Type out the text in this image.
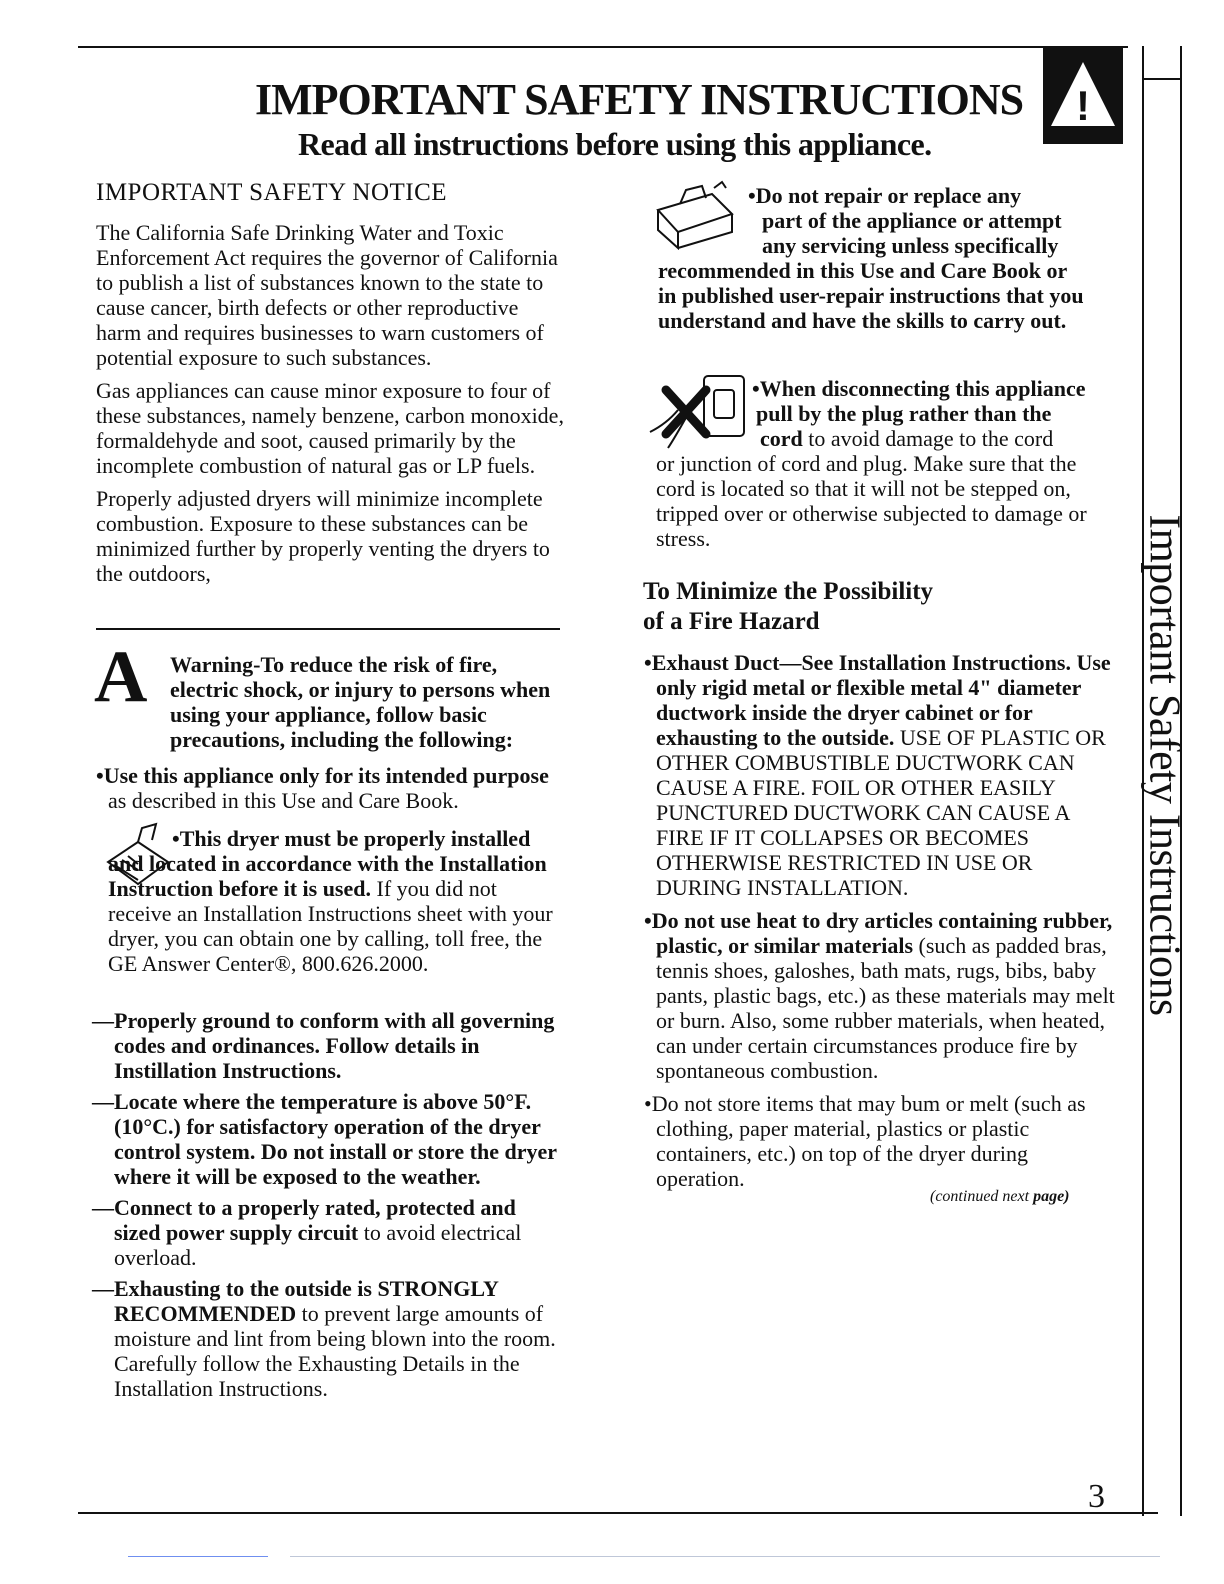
IMPORTANT SAFETY INSTRUCTIONS
Read all instructions before using this appliance.
!
Important Safety Instructions
IMPORTANT SAFETY NOTICE

The California Safe Drinking Water and Toxic Enforcement Act requires the governor of California to publish a list of substances known to the state to cause cancer, birth defects or other reproductive harm and requires businesses to warn customers of potential exposure to such substances.

Gas appliances can cause minor exposure to four of these substances, namely benzene, carbon monoxide, formaldehyde and soot, caused primarily by the incomplete combustion of natural gas or LP fuels.

Properly adjusted dryers will minimize incomplete combustion. Exposure to these substances can be minimized further by properly venting the dryers to the outdoors,

A Warning-To reduce the risk of fire, electric shock, or injury to persons when using your appliance, follow basic precautions, including the following:

•Use this appliance only for its intended purpose as described in this Use and Care Book.

•This dryer must be properly installed and located in accordance with the Installation Instruction before it is used. If you did not receive an Installation Instructions sheet with your dryer, you can obtain one by calling, toll free, the GE Answer Center®, 800.626.2000.

—Properly ground to conform with all governing codes and ordinances. Follow details in Instillation Instructions.

—Locate where the temperature is above 50°F. (10°C.) for satisfactory operation of the dryer control system. Do not install or store the dryer where it will be exposed to the weather.

—Connect to a properly rated, protected and sized power supply circuit to avoid electrical overload.

—Exhausting to the outside is STRONGLY RECOMMENDED to prevent large amounts of moisture and lint from being blown into the room. Carefully follow the Exhausting Details in the Installation Instructions.

•Do not repair or replace any
part of the appliance or attempt
any servicing unless specifically
recommended in this Use and Care Book or
in published user-repair instructions that you
understand and have the skills to carry out.
•When disconnecting this appliance
pull by the plug rather than the
cord to avoid damage to the cord
or junction of cord and plug. Make sure that the cord is located so that it will not be stepped on, tripped over or otherwise subjected to damage or stress.
To Minimize the Possibility
of a Fire Hazard

•Exhaust Duct—See Installation Instructions. Use only rigid metal or flexible metal 4" diameter ductwork inside the dryer cabinet or for exhausting to the outside. USE OF PLASTIC OR OTHER COMBUSTIBLE DUCTWORK CAN CAUSE A FIRE. FOIL OR OTHER EASILY PUNCTURED DUCTWORK CAN CAUSE A FIRE IF IT COLLAPSES OR BECOMES OTHERWISE RESTRICTED IN USE OR DURING INSTALLATION.

•Do not use heat to dry articles containing rubber, plastic, or similar materials (such as padded bras, tennis shoes, galoshes, bath mats, rugs, bibs, baby pants, plastic bags, etc.) as these materials may melt or burn. Also, some rubber materials, when heated, can under certain circumstances produce fire by spontaneous combustion.

•Do not store items that may bum or melt (such as clothing, paper material, plastics or plastic containers, etc.) on top of the dryer during operation.

(continued next page)
3
